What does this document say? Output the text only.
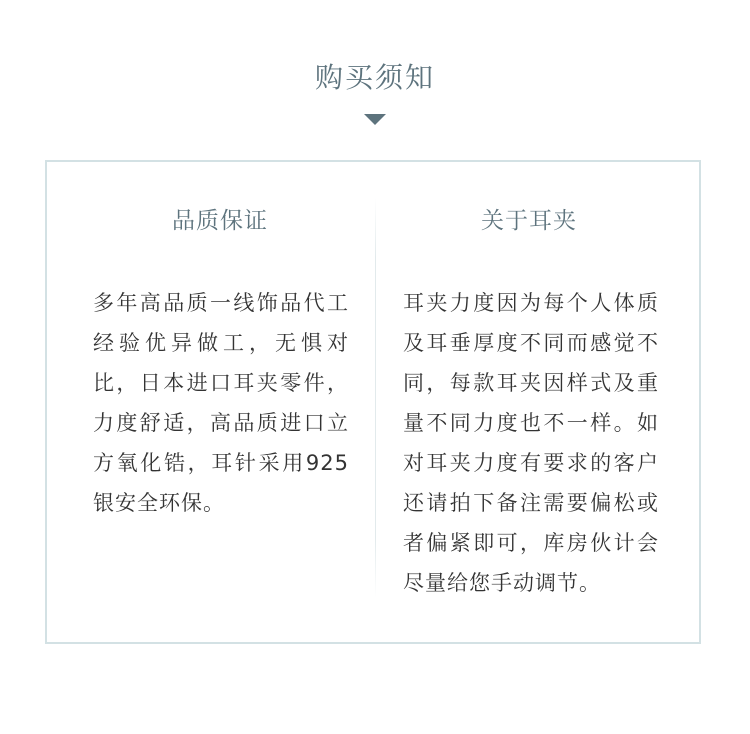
购买须知
品质保证
多年高品质一线饰品代工经验优异做工，无惧对比，日本进口耳夹零件，力度舒适，高品质进口立方氧化锆，耳针采用925银安全环保。
关于耳夹
耳夹力度因为每个人体质及耳垂厚度不同而感觉不同，每款耳夹因样式及重量不同力度也不一样。如对耳夹力度有要求的客户还请拍下备注需要偏松或者偏紧即可，库房伙计会尽量给您手动调节。
